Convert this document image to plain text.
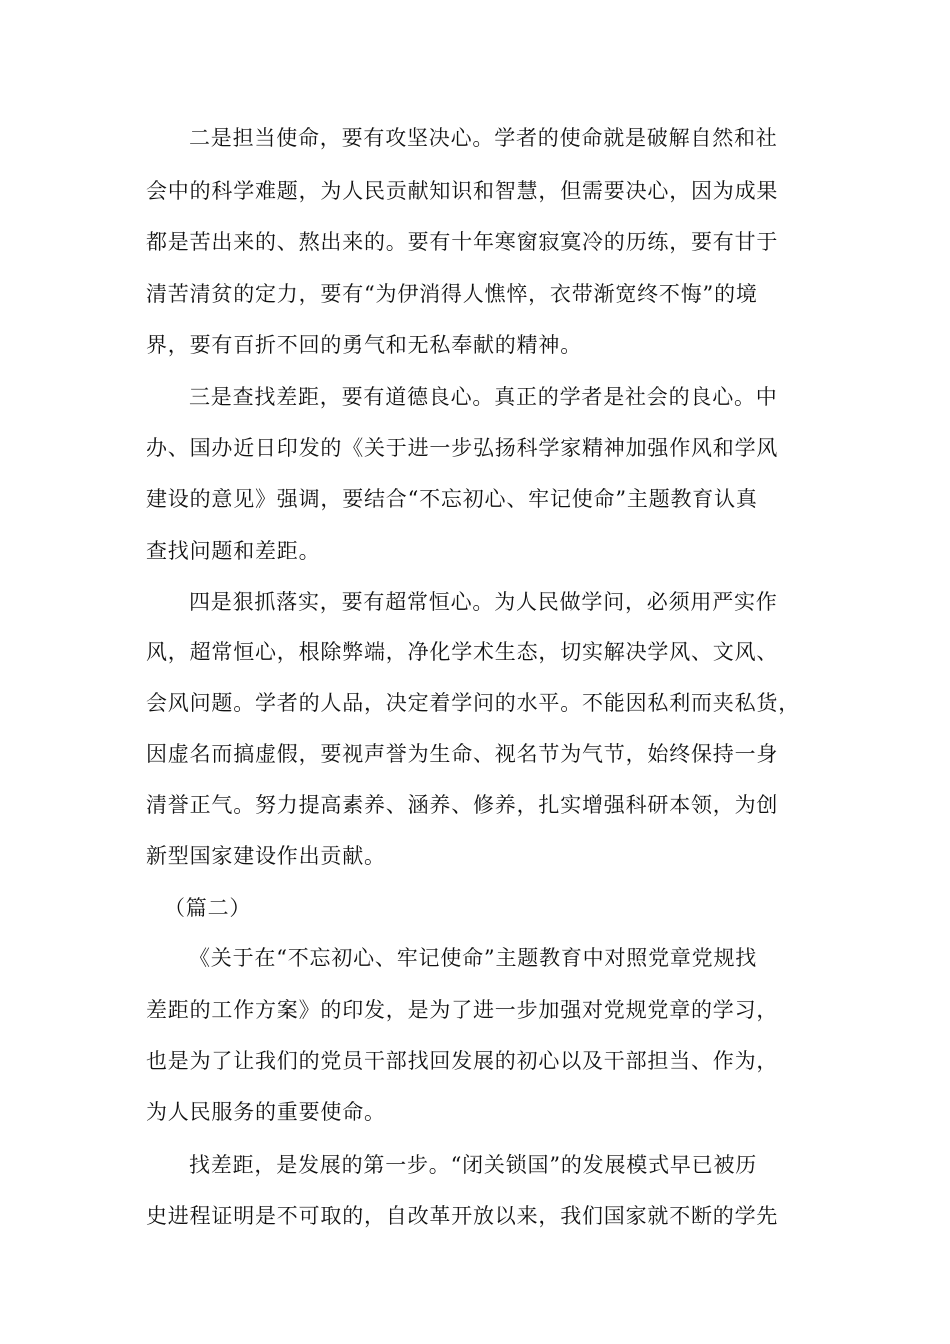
二是担当使命，要有攻坚决心。学者的使命就是破解自然和社
会中的科学难题，为人民贡献知识和智慧，但需要决心，因为成果
都是苦出来的、熬出来的。要有十年寒窗寂寞冷的历练，要有甘于
清苦清贫的定力，要有“为伊消得人憔悴，衣带渐宽终不悔”的境
界，要有百折不回的勇气和无私奉献的精神。
三是查找差距，要有道德良心。真正的学者是社会的良心。中
办、国办近日印发的《关于进一步弘扬科学家精神加强作风和学风
建设的意见》强调，要结合“不忘初心、牢记使命”主题教育认真
查找问题和差距。
四是狠抓落实，要有超常恒心。为人民做学问，必须用严实作
风，超常恒心，根除弊端，净化学术生态，切实解决学风、文风、
会风问题。学者的人品，决定着学问的水平。不能因私利而夹私货，
因虚名而搞虚假，要视声誉为生命、视名节为气节，始终保持一身
清誉正气。努力提高素养、涵养、修养，扎实增强科研本领，为创
新型国家建设作出贡献。
（篇二）
《关于在“不忘初心、牢记使命”主题教育中对照党章党规找
差距的工作方案》的印发，是为了进一步加强对党规党章的学习，
也是为了让我们的党员干部找回发展的初心以及干部担当、作为，
为人民服务的重要使命。
找差距，是发展的第一步。“闭关锁国”的发展模式早已被历
史进程证明是不可取的，自改革开放以来，我们国家就不断的学先
